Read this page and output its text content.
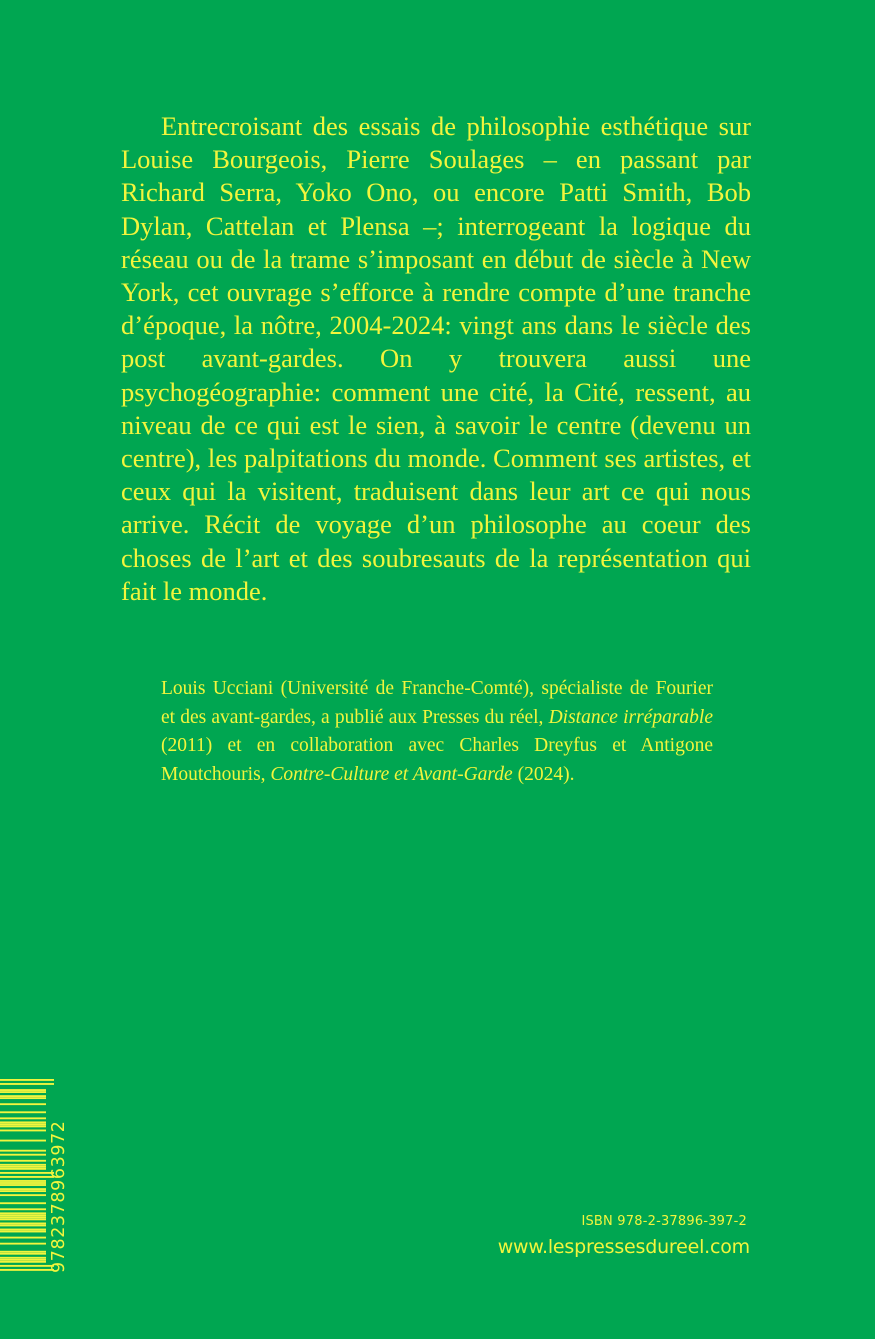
Entrecroisant des essais de philosophie esthétique sur Louise Bourgeois, Pierre Soulages – en passant par Richard Serra, Yoko Ono, ou encore Patti Smith, Bob Dylan, Cattelan et Plensa –; interrogeant la logique du réseau ou de la trame s’imposant en début de siècle à New York, cet ouvrage s’efforce à rendre compte d’une tranche d’époque, la nôtre, 2004-2024: vingt ans dans le siècle des post avant-gardes. On y trouvera aussi une psychogéographie: comment une cité, la Cité, ressent, au niveau de ce qui est le sien, à savoir le centre (devenu un centre), les palpitations du monde. Comment ses artistes, et ceux qui la visitent, traduisent dans leur art ce qui nous arrive. Récit de voyage d’un philosophe au coeur des choses de l’art et des soubresauts de la représentation qui fait le monde.

Louis Ucciani (Université de Franche-Comté), spécialiste de Fourier et des avant-gardes, a publié aux Presses du réel, Distance irréparable (2011) et en collaboration avec Charles Dreyfus et Antigone Moutchouris, Contre-Culture et Avant-Garde (2024).

9782378963972	ISBN 978-2-37896-397-2
www.lespressesdureel.com
